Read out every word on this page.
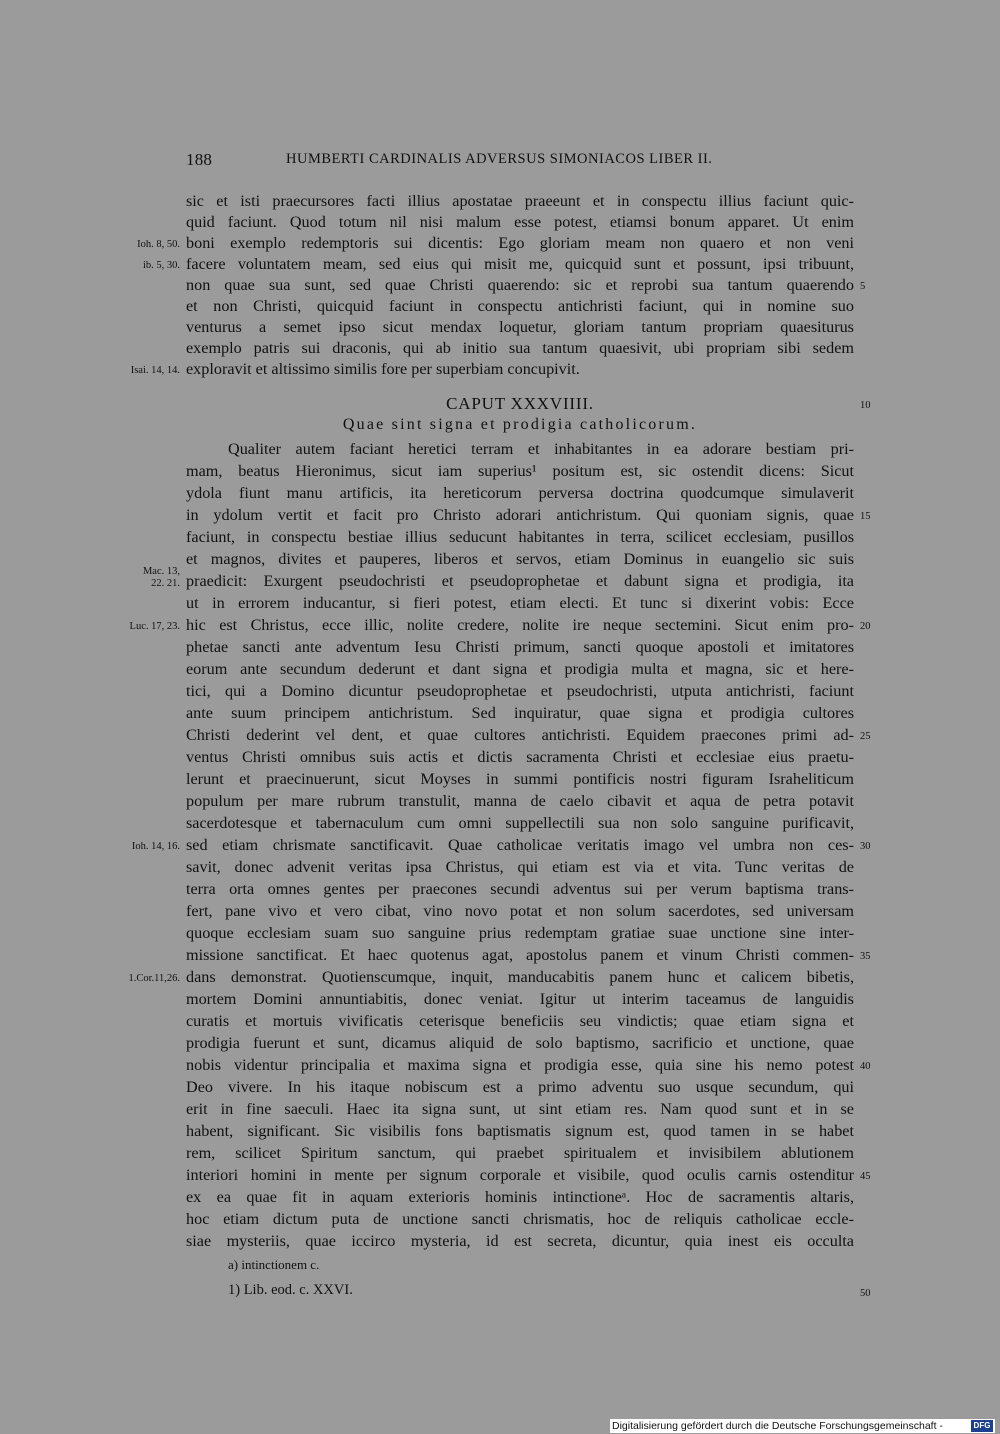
188	HUMBERTI CARDINALIS ADVERSUS SIMONIACOS LIBER II.
sic et isti praecursores facti illius apostatae praeeunt et in conspectu illius faciunt quic-
quid faciunt. Quod totum nil nisi malum esse potest, etiamsi bonum apparet. Ut enim
boni exemplo redemptoris sui dicentis: Ego gloriam meam non quaero et non veni
facere voluntatem meam, sed eius qui misit me, quicquid sunt et possunt, ipsi tribuunt,
non quae sua sunt, sed quae Christi quaerendo: sic et reprobi sua tantum quaerendo
et non Christi, quicquid faciunt in conspectu antichristi faciunt, qui in nomine suo
venturus a semet ipso sicut mendax loquetur, gloriam tantum propriam quaesiturus
exemplo patris sui draconis, qui ab initio sua tantum quaesivit, ubi propriam sibi sedem
exploravit et altissimo similis fore per superbiam concupivit.
CAPUT XXXVIIII.
Quae sint signa et prodigia catholicorum.
Qualiter autem faciant heretici terram et inhabitantes in ea adorare bestiam pri-
mam, beatus Hieronimus, sicut iam superius¹ positum est, sic ostendit dicens: Sicut
ydola fiunt manu artificis, ita hereticorum perversa doctrina quodcumque simulaverit
in ydolum vertit et facit pro Christo adorari antichristum. Qui quoniam signis, quae
faciunt, in conspectu bestiae illius seducunt habitantes in terra, scilicet ecclesiam, pusillos
et magnos, divites et pauperes, liberos et servos, etiam Dominus in euangelio sic suis
praedicit: Exurgent pseudochristi et pseudoprophetae et dabunt signa et prodigia, ita
ut in errorem inducantur, si fieri potest, etiam electi. Et tunc si dixerint vobis: Ecce
hic est Christus, ecce illic, nolite credere, nolite ire neque sectemini. Sicut enim pro-
phetae sancti ante adventum Iesu Christi primum, sancti quoque apostoli et imitatores
eorum ante secundum dederunt et dant signa et prodigia multa et magna, sic et here-
tici, qui a Domino dicuntur pseudoprophetae et pseudochristi, utputa antichristi, faciunt
ante suum principem antichristum. Sed inquiratur, quae signa et prodigia cultores
Christi dederint vel dent, et quae cultores antichristi. Equidem praecones primi ad-
ventus Christi omnibus suis actis et dictis sacramenta Christi et ecclesiae eius praetu-
lerunt et praecinuerunt, sicut Moyses in summi pontificis nostri figuram Israheliticum
populum per mare rubrum transtulit, manna de caelo cibavit et aqua de petra potavit
sacerdotesque et tabernaculum cum omni suppellectili sua non solo sanguine purificavit,
sed etiam chrismate sanctificavit. Quae catholicae veritatis imago vel umbra non ces-
savit, donec advenit veritas ipsa Christus, qui etiam est via et vita. Tunc veritas de
terra orta omnes gentes per praecones secundi adventus sui per verum baptisma trans-
fert, pane vivo et vero cibat, vino novo potat et non solum sacerdotes, sed universam
quoque ecclesiam suam suo sanguine prius redemptam gratiae suae unctione sine inter-
missione sanctificat. Et haec quotenus agat, apostolus panem et vinum Christi commen-
dans demonstrat. Quotienscumque, inquit, manducabitis panem hunc et calicem bibetis,
mortem Domini annuntiabitis, donec veniat. Igitur ut interim taceamus de languidis
curatis et mortuis vivificatis ceterisque beneficiis seu vindictis; quae etiam signa et
prodigia fuerunt et sunt, dicamus aliquid de solo baptismo, sacrificio et unctione, quae
nobis videntur principalia et maxima signa et prodigia esse, quia sine his nemo potest
Deo vivere. In his itaque nobiscum est a primo adventu suo usque secundum, qui
erit in fine saeculi. Haec ita signa sunt, ut sint etiam res. Nam quod sunt et in se
habent, significant. Sic visibilis fons baptismatis signum est, quod tamen in se habet
rem, scilicet Spiritum sanctum, qui praebet spiritualem et invisibilem ablutionem
interiori homini in mente per signum corporale et visibile, quod oculis carnis ostenditur
ex ea quae fit in aquam exterioris hominis intinctioneᵃ. Hoc de sacramentis altaris,
hoc etiam dictum puta de unctione sancti chrismatis, hoc de reliquis catholicae eccle-
siae mysteriis, quae iccirco mysteria, id est secreta, dicuntur, quia inest eis occulta
Ioh. 8, 50.
ib. 5, 30.
Isai. 14, 14.
Mac. 13,
22. 21.
Luc. 17, 23.
Ioh. 14, 16.
1.Cor.11,26.
5
10
15
20
25
30
35
40
45
50
a) intinctionem c.
1) Lib. eod. c. XXVI.
Digitalisierung gefördert durch die Deutsche Forschungsgemeinschaft -	DFG
